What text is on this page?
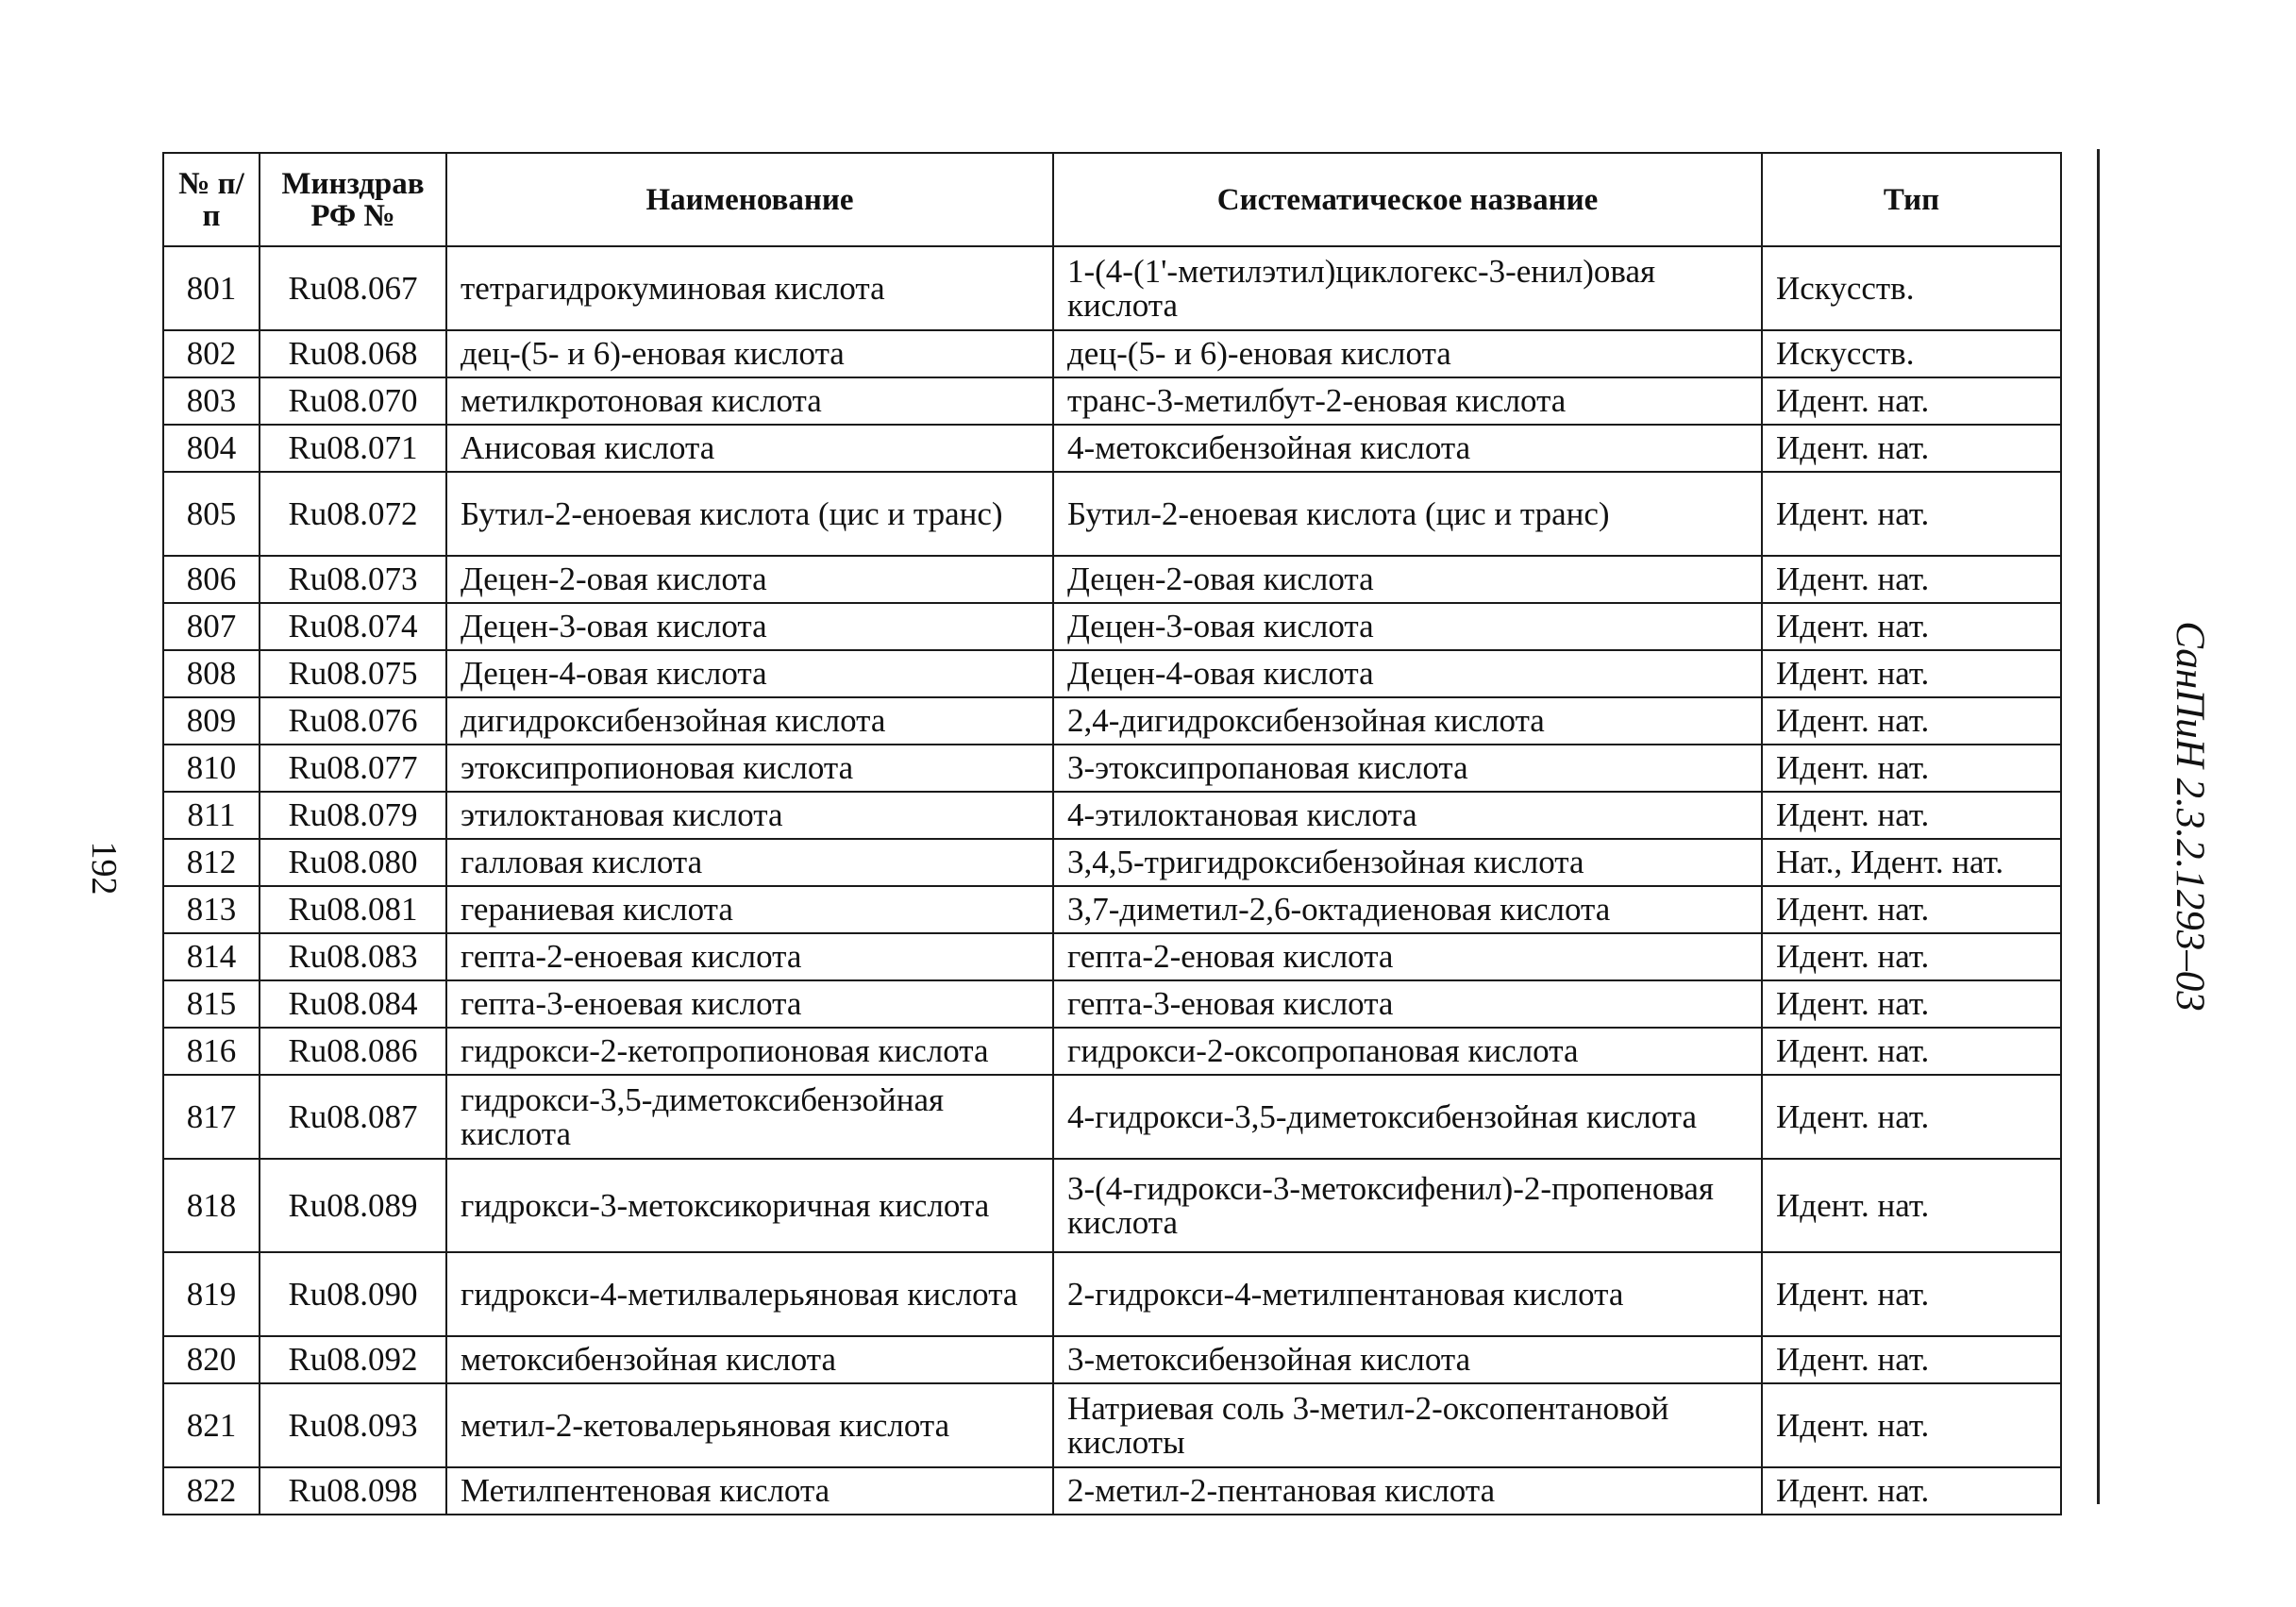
192	СанПиН 2.3.2.1293–03
№ п/п	Минздрав РФ №	Наименование	Систематическое название	Тип
801	Ru08.067	тетрагидрокуминовая кислота	1-(4-(1'-метилэтил)циклогекс-3-енил)овая кислота	Искусств.
802	Ru08.068	дец-(5- и 6)-еновая кислота	дец-(5- и 6)-еновая кислота	Искусств.
803	Ru08.070	метилкротоновая кислота	транс-3-метилбут-2-еновая кислота	Идент. нат.
804	Ru08.071	Анисовая кислота	4-метоксибензойная кислота	Идент. нат.
805	Ru08.072	Бутил-2-еноевая кислота (цис и транс)	Бутил-2-еноевая кислота (цис и транс)	Идент. нат.
806	Ru08.073	Децен-2-овая кислота	Децен-2-овая кислота	Идент. нат.
807	Ru08.074	Децен-3-овая кислота	Децен-3-овая кислота	Идент. нат.
808	Ru08.075	Децен-4-овая кислота	Децен-4-овая кислота	Идент. нат.
809	Ru08.076	дигидроксибензойная кислота	2,4-дигидроксибензойная кислота	Идент. нат.
810	Ru08.077	этоксипропионовая кислота	3-этоксипропановая кислота	Идент. нат.
811	Ru08.079	этилоктановая кислота	4-этилоктановая кислота	Идент. нат.
812	Ru08.080	галловая кислота	3,4,5-тригидроксибензойная кислота	Нат., Идент. нат.
813	Ru08.081	гераниевая кислота	3,7-диметил-2,6-октадиеновая кислота	Идент. нат.
814	Ru08.083	гепта-2-еноевая кислота	гепта-2-еновая кислота	Идент. нат.
815	Ru08.084	гепта-3-еноевая кислота	гепта-3-еновая кислота	Идент. нат.
816	Ru08.086	гидрокси-2-кетопропионовая кислота	гидрокси-2-оксопропановая кислота	Идент. нат.
817	Ru08.087	гидрокси-3,5-диметоксибензойная кислота	4-гидрокси-3,5-диметоксибензойная кислота	Идент. нат.
818	Ru08.089	гидрокси-3-метоксикоричная кислота	3-(4-гидрокси-3-метоксифенил)-2-пропеновая кислота	Идент. нат.
819	Ru08.090	гидрокси-4-метилвалерьяновая кислота	2-гидрокси-4-метилпентановая кислота	Идент. нат.
820	Ru08.092	метоксибензойная кислота	3-метоксибензойная кислота	Идент. нат.
821	Ru08.093	метил-2-кетовалерьяновая кислота	Натриевая соль 3-метил-2-оксопентановой кислоты	Идент. нат.
822	Ru08.098	Метилпентеновая кислота	2-метил-2-пентановая кислота	Идент. нат.
